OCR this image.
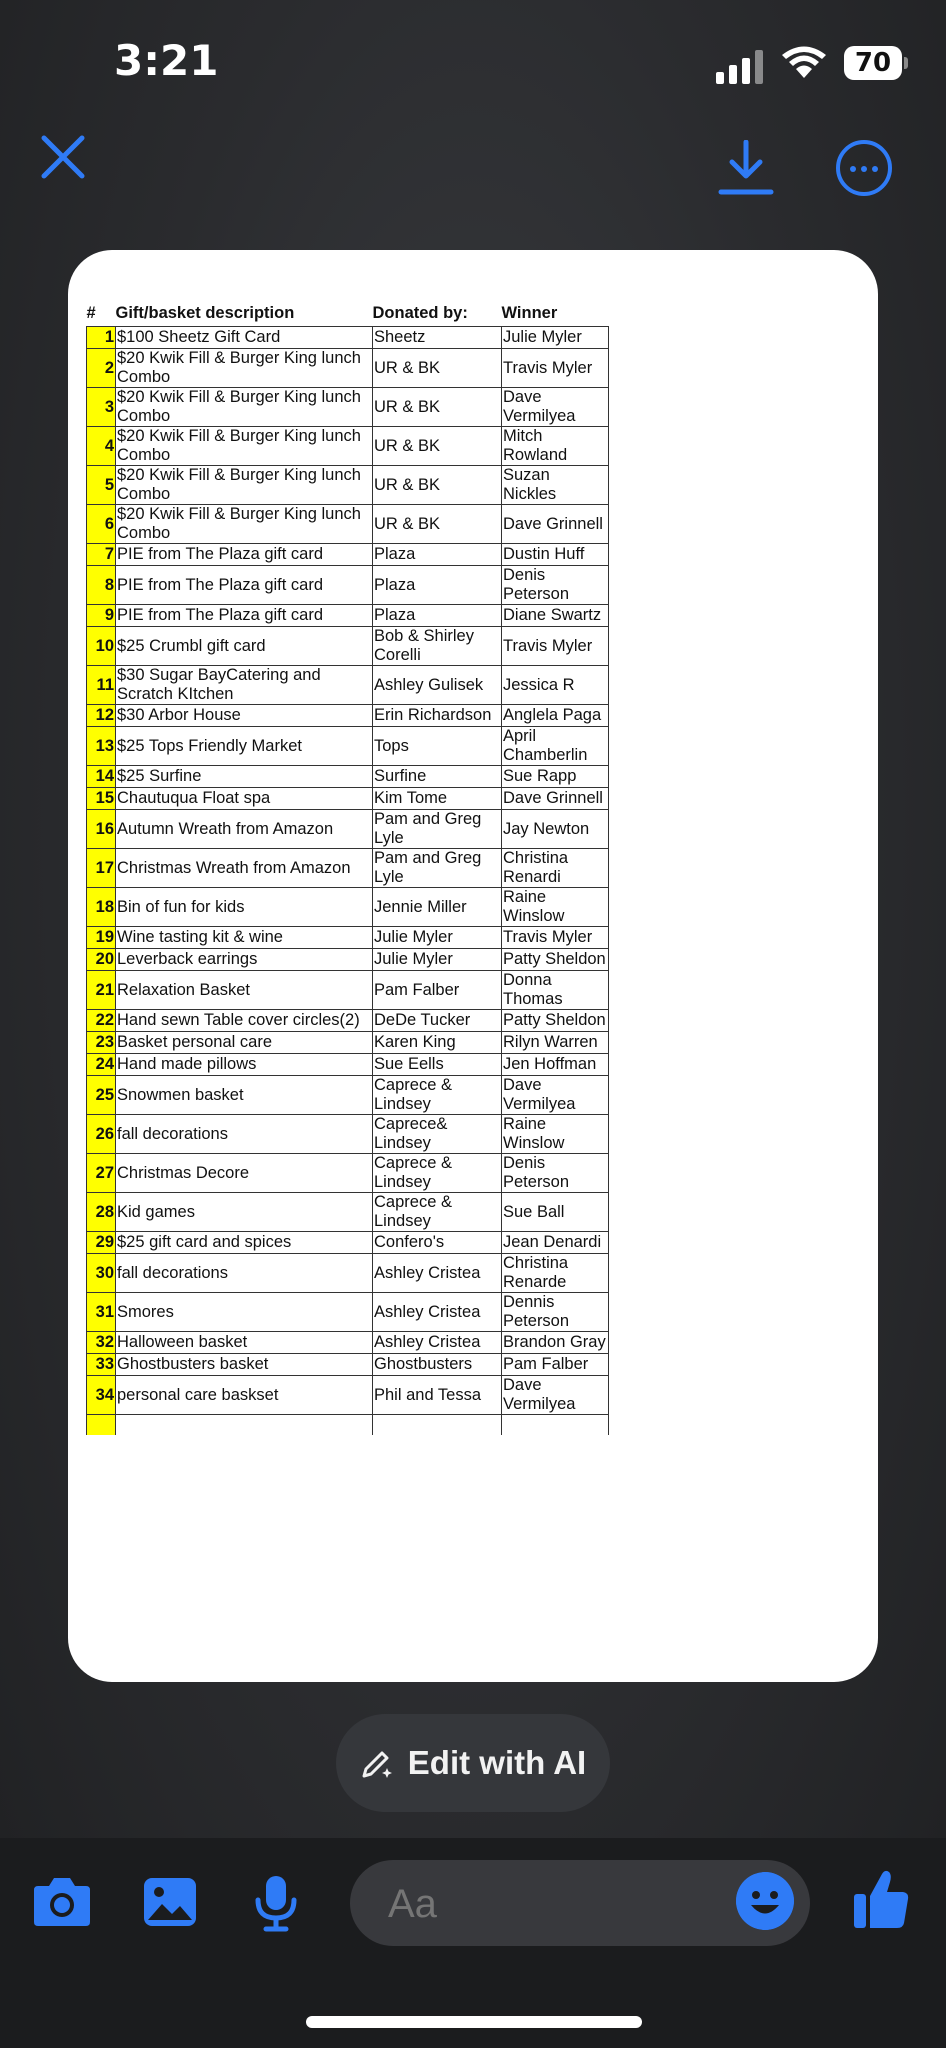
3:21	70
#	Gift/basket description	Donated by:	Winner
1	$100 Sheetz Gift Card	Sheetz	Julie Myler
2	$20 Kwik Fill & Burger King lunch Combo	UR & BK	Travis Myler
3	$20 Kwik Fill & Burger King lunch Combo	UR & BK	Dave Vermilyea
4	$20 Kwik Fill & Burger King lunch Combo	UR & BK	Mitch Rowland
5	$20 Kwik Fill & Burger King lunch Combo	UR & BK	Suzan Nickles
6	$20 Kwik Fill & Burger King lunch Combo	UR & BK	Dave Grinnell
7	PIE from The Plaza gift card	Plaza	Dustin Huff
8	PIE from The Plaza gift card	Plaza	Denis Peterson
9	PIE from The Plaza gift card	Plaza	Diane Swartz
10	$25 Crumbl gift card	Bob & Shirley Corelli	Travis Myler
11	$30 Sugar BayCatering and Scratch KItchen	Ashley Gulisek	Jessica R
12	$30 Arbor House	Erin Richardson	Anglela Paga
13	$25 Tops Friendly Market	Tops	April Chamberlin
14	$25 Surfine	Surfine	Sue Rapp
15	Chautuqua Float spa	Kim Tome	Dave Grinnell
16	Autumn Wreath from Amazon	Pam and Greg Lyle	Jay Newton
17	Christmas Wreath from Amazon	Pam and Greg Lyle	Christina Renardi
18	Bin of fun for kids	Jennie Miller	Raine Winslow
19	Wine tasting kit & wine	Julie Myler	Travis Myler
20	Leverback earrings	Julie Myler	Patty Sheldon
21	Relaxation Basket	Pam Falber	Donna Thomas
22	Hand sewn Table cover circles(2)	DeDe Tucker	Patty Sheldon
23	Basket personal care	Karen King	Rilyn Warren
24	Hand made pillows	Sue Eells	Jen Hoffman
25	Snowmen basket	Caprece & Lindsey	Dave Vermilyea
26	fall decorations	Caprece& Lindsey	Raine Winslow
27	Christmas Decore	Caprece & Lindsey	Denis Peterson
28	Kid games	Caprece & Lindsey	Sue Ball
29	$25 gift card and spices	Confero's	Jean Denardi
30	fall decorations	Ashley Cristea	Christina Renarde
31	Smores	Ashley Cristea	Dennis Peterson
32	Halloween basket	Ashley Cristea	Brandon Gray
33	Ghostbusters basket	Ghostbusters	Pam Falber
34	personal care baskset	Phil and Tessa	Dave Vermilyea

Edit with AI
Aa
